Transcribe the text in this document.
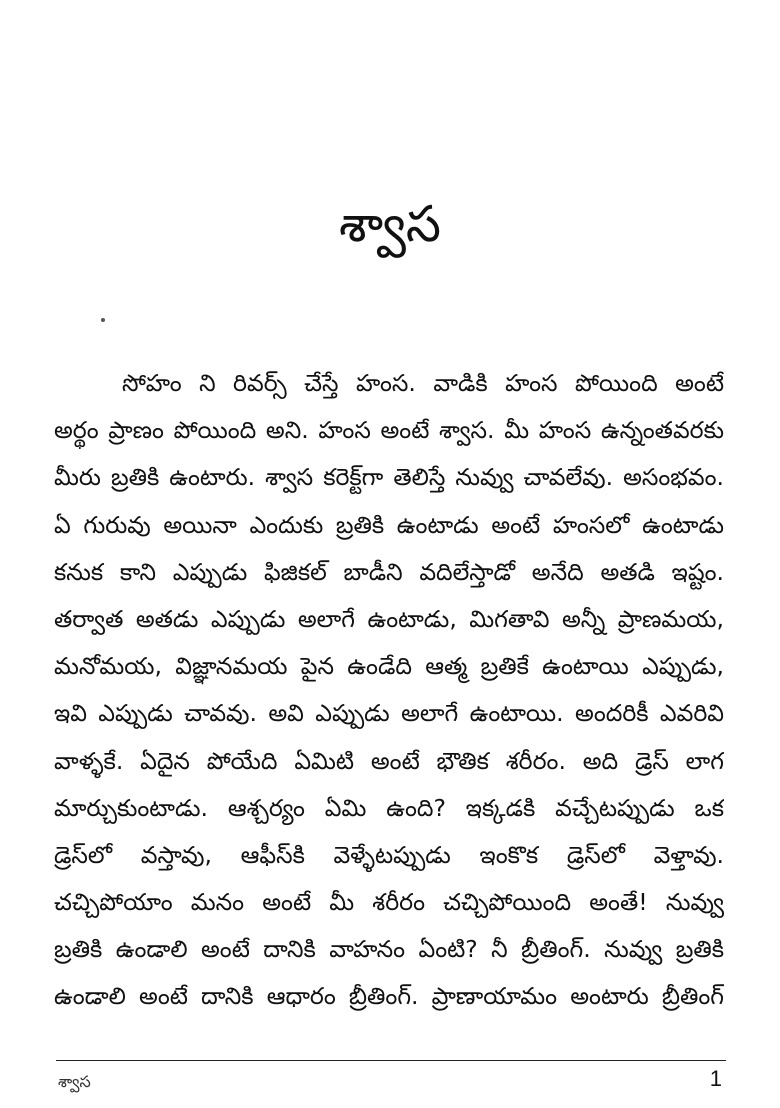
శ్వాస
సోహం ని రివర్స్ చేస్తే హంస. వాడికి హంస పోయింది అంటే
అర్థం ప్రాణం పోయింది అని. హంస అంటే శ్వాస. మీ హంస ఉన్నంతవరకు
మీరు బ్రతికి ఉంటారు. శ్వాస కరెక్ట్‌గా తెలిస్తే నువ్వు చావలేవు. అసంభవం.
ఏ గురువు అయినా ఎందుకు బ్రతికి ఉంటాడు అంటే హంసలో ఉంటాడు
కనుక కాని ఎప్పుడు ఫిజికల్ బాడీని వదిలేస్తాడో అనేది అతడి ఇష్టం.
తర్వాత అతడు ఎప్పుడు అలాగే ఉంటాడు, మిగతావి అన్నీ ప్రాణమయ,
మనోమయ, విజ్ఞానమయ పైన ఉండేది ఆత్మ బ్రతికే ఉంటాయి ఎప్పుడు,
ఇవి ఎప్పుడు చావవు. అవి ఎప్పుడు అలాగే ఉంటాయి. అందరికీ ఎవరివి
వాళ్ళకే. ఏదైన పోయేది ఏమిటి అంటే భౌతిక శరీరం. అది డ్రెస్ లాగ
మార్చుకుంటాడు. ఆశ్చర్యం ఏమి ఉంది? ఇక్కడకి వచ్చేటప్పుడు ఒక
డ్రెస్‌లో వస్తావు, ఆఫీస్‌కి వెళ్ళేటప్పుడు ఇంకొక డ్రెస్‌లో వెళ్తావు.
చచ్చిపోయాం మనం అంటే మీ శరీరం చచ్చిపోయింది అంతే! నువ్వు
బ్రతికి ఉండాలి అంటే దానికి వాహనం ఏంటి? నీ బ్రీతింగ్. నువ్వు బ్రతికి
ఉండాలి అంటే దానికి ఆధారం బ్రీతింగ్. ప్రాణాయామం అంటారు బ్రీతింగ్
శ్వాస	1
